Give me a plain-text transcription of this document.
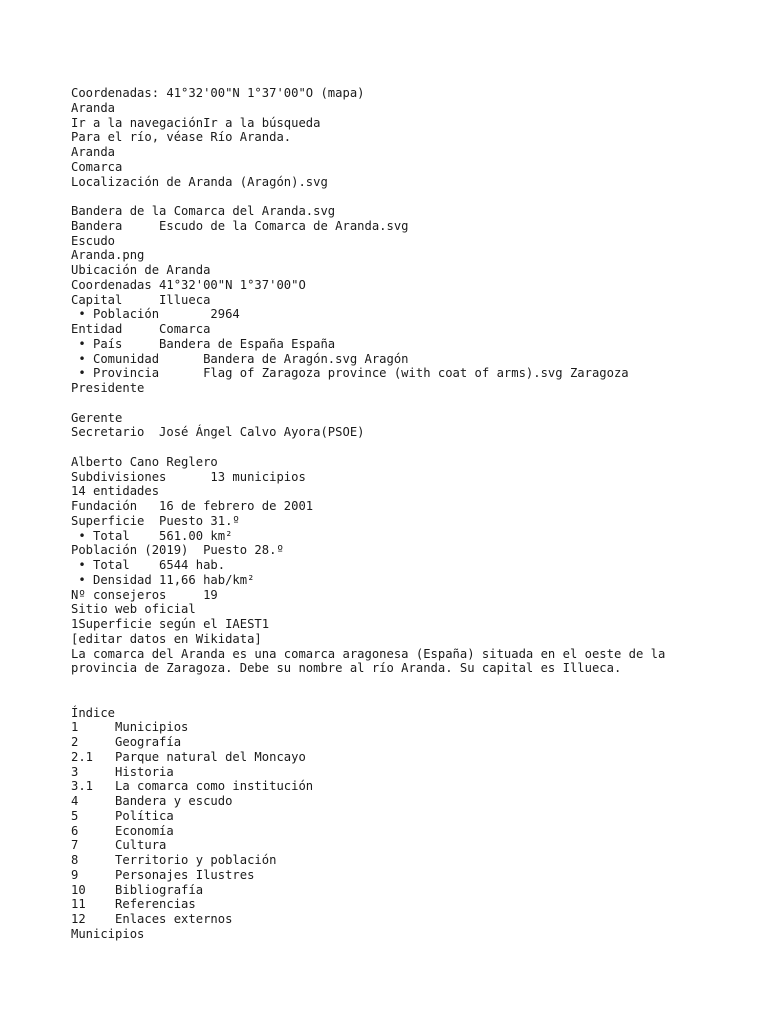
Coordenadas: 41°32'00"N 1°37'00"O (mapa)
Aranda
Ir a la navegaciónIr a la búsqueda
Para el río, véase Río Aranda.
Aranda
Comarca
Localización de Aranda (Aragón).svg
Bandera de la Comarca del Aranda.svg
Bandera     Escudo de la Comarca de Aranda.svg
Escudo
Aranda.png
Ubicación de Aranda
Coordenadas 41°32'00"N 1°37'00"O
Capital     Illueca
• Población       2964
Entidad     Comarca
• País     Bandera de España España
• Comunidad      Bandera de Aragón.svg Aragón
• Provincia      Flag of Zaragoza province (with coat of arms).svg Zaragoza
Presidente
Gerente
Secretario  José Ángel Calvo Ayora(PSOE)
Alberto Cano Reglero
Subdivisiones      13 municipios
14 entidades
Fundación   16 de febrero de 2001
Superficie  Puesto 31.º
• Total    561.00 km²
Población (2019)  Puesto 28.º
• Total    6544 hab.
• Densidad 11,66 hab/km²
Nº consejeros     19
Sitio web oficial
1Superficie según el IAEST1
[editar datos en Wikidata]
La comarca del Aranda es una comarca aragonesa (España) situada en el oeste de la
provincia de Zaragoza. Debe su nombre al río Aranda. Su capital es Illueca.
Índice
1     Municipios
2     Geografía
2.1   Parque natural del Moncayo
3     Historia
3.1   La comarca como institución
4     Bandera y escudo
5     Política
6     Economía
7     Cultura
8     Territorio y población
9     Personajes Ilustres
10    Bibliografía
11    Referencias
12    Enlaces externos
Municipios
